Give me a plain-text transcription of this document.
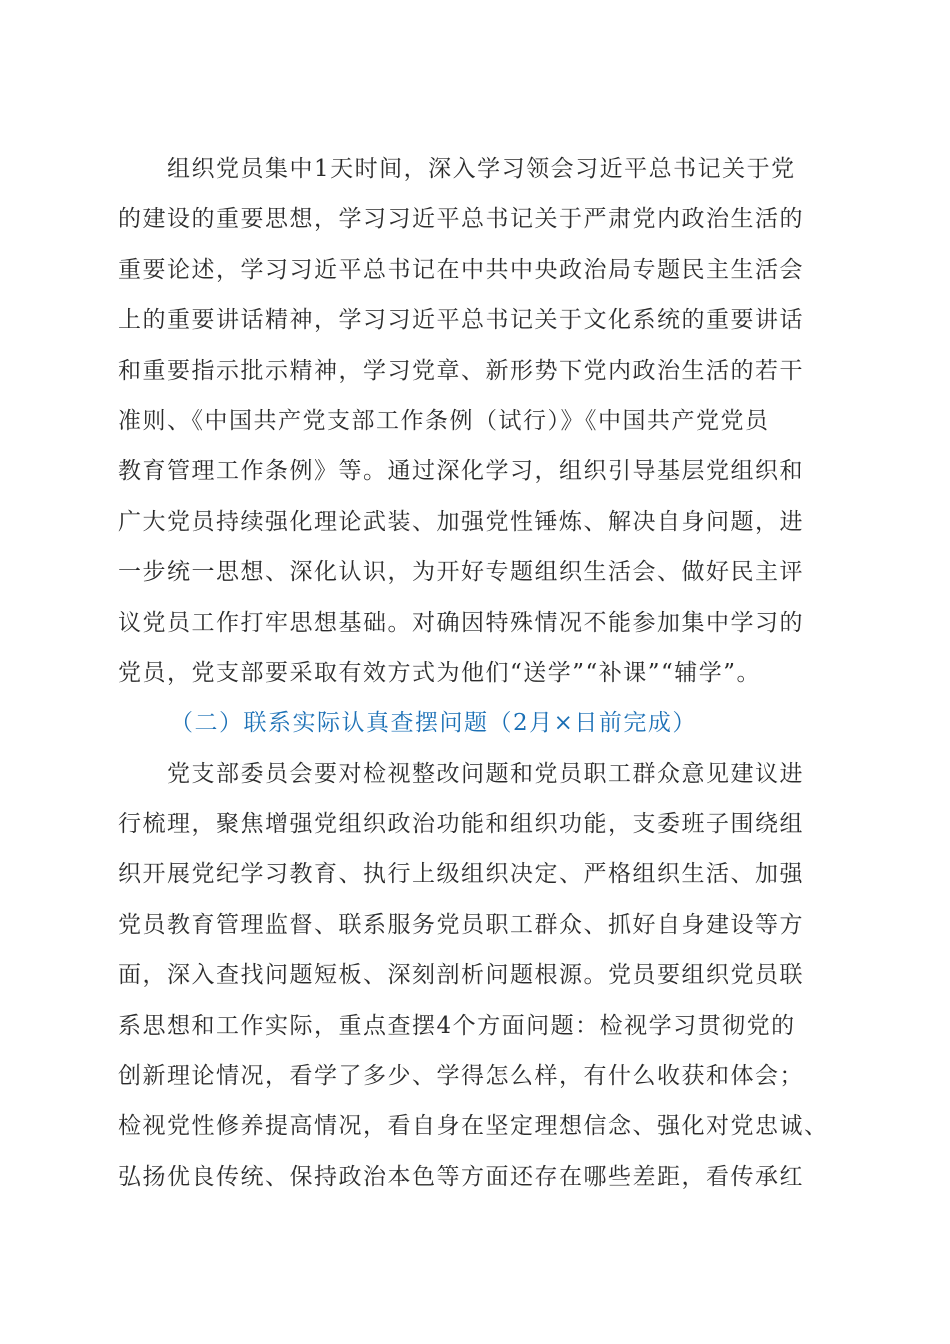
　　组织党员集中1天时间，深入学习领会习近平总书记关于党
的建设的重要思想，学习习近平总书记关于严肃党内政治生活的
重要论述，学习习近平总书记在中共中央政治局专题民主生活会
上的重要讲话精神，学习习近平总书记关于文化系统的重要讲话
和重要指示批示精神，学习党章、新形势下党内政治生活的若干
准则、《中国共产党支部工作条例（试行）》《中国共产党党员
教育管理工作条例》等。通过深化学习，组织引导基层党组织和
广大党员持续强化理论武装、加强党性锤炼、解决自身问题，进
一步统一思想、深化认识，为开好专题组织生活会、做好民主评
议党员工作打牢思想基础。对确因特殊情况不能参加集中学习的
党员，党支部要采取有效方式为他们“送学”“补课”“辅学”。
（二）联系实际认真查摆问题（2月×日前完成）
　　党支部委员会要对检视整改问题和党员职工群众意见建议进
行梳理，聚焦增强党组织政治功能和组织功能，支委班子围绕组
织开展党纪学习教育、执行上级组织决定、严格组织生活、加强
党员教育管理监督、联系服务党员职工群众、抓好自身建设等方
面，深入查找问题短板、深刻剖析问题根源。党员要组织党员联
系思想和工作实际，重点查摆4个方面问题：检视学习贯彻党的
创新理论情况，看学了多少、学得怎么样，有什么收获和体会；
检视党性修养提高情况，看自身在坚定理想信念、强化对党忠诚、
弘扬优良传统、保持政治本色等方面还存在哪些差距，看传承红
